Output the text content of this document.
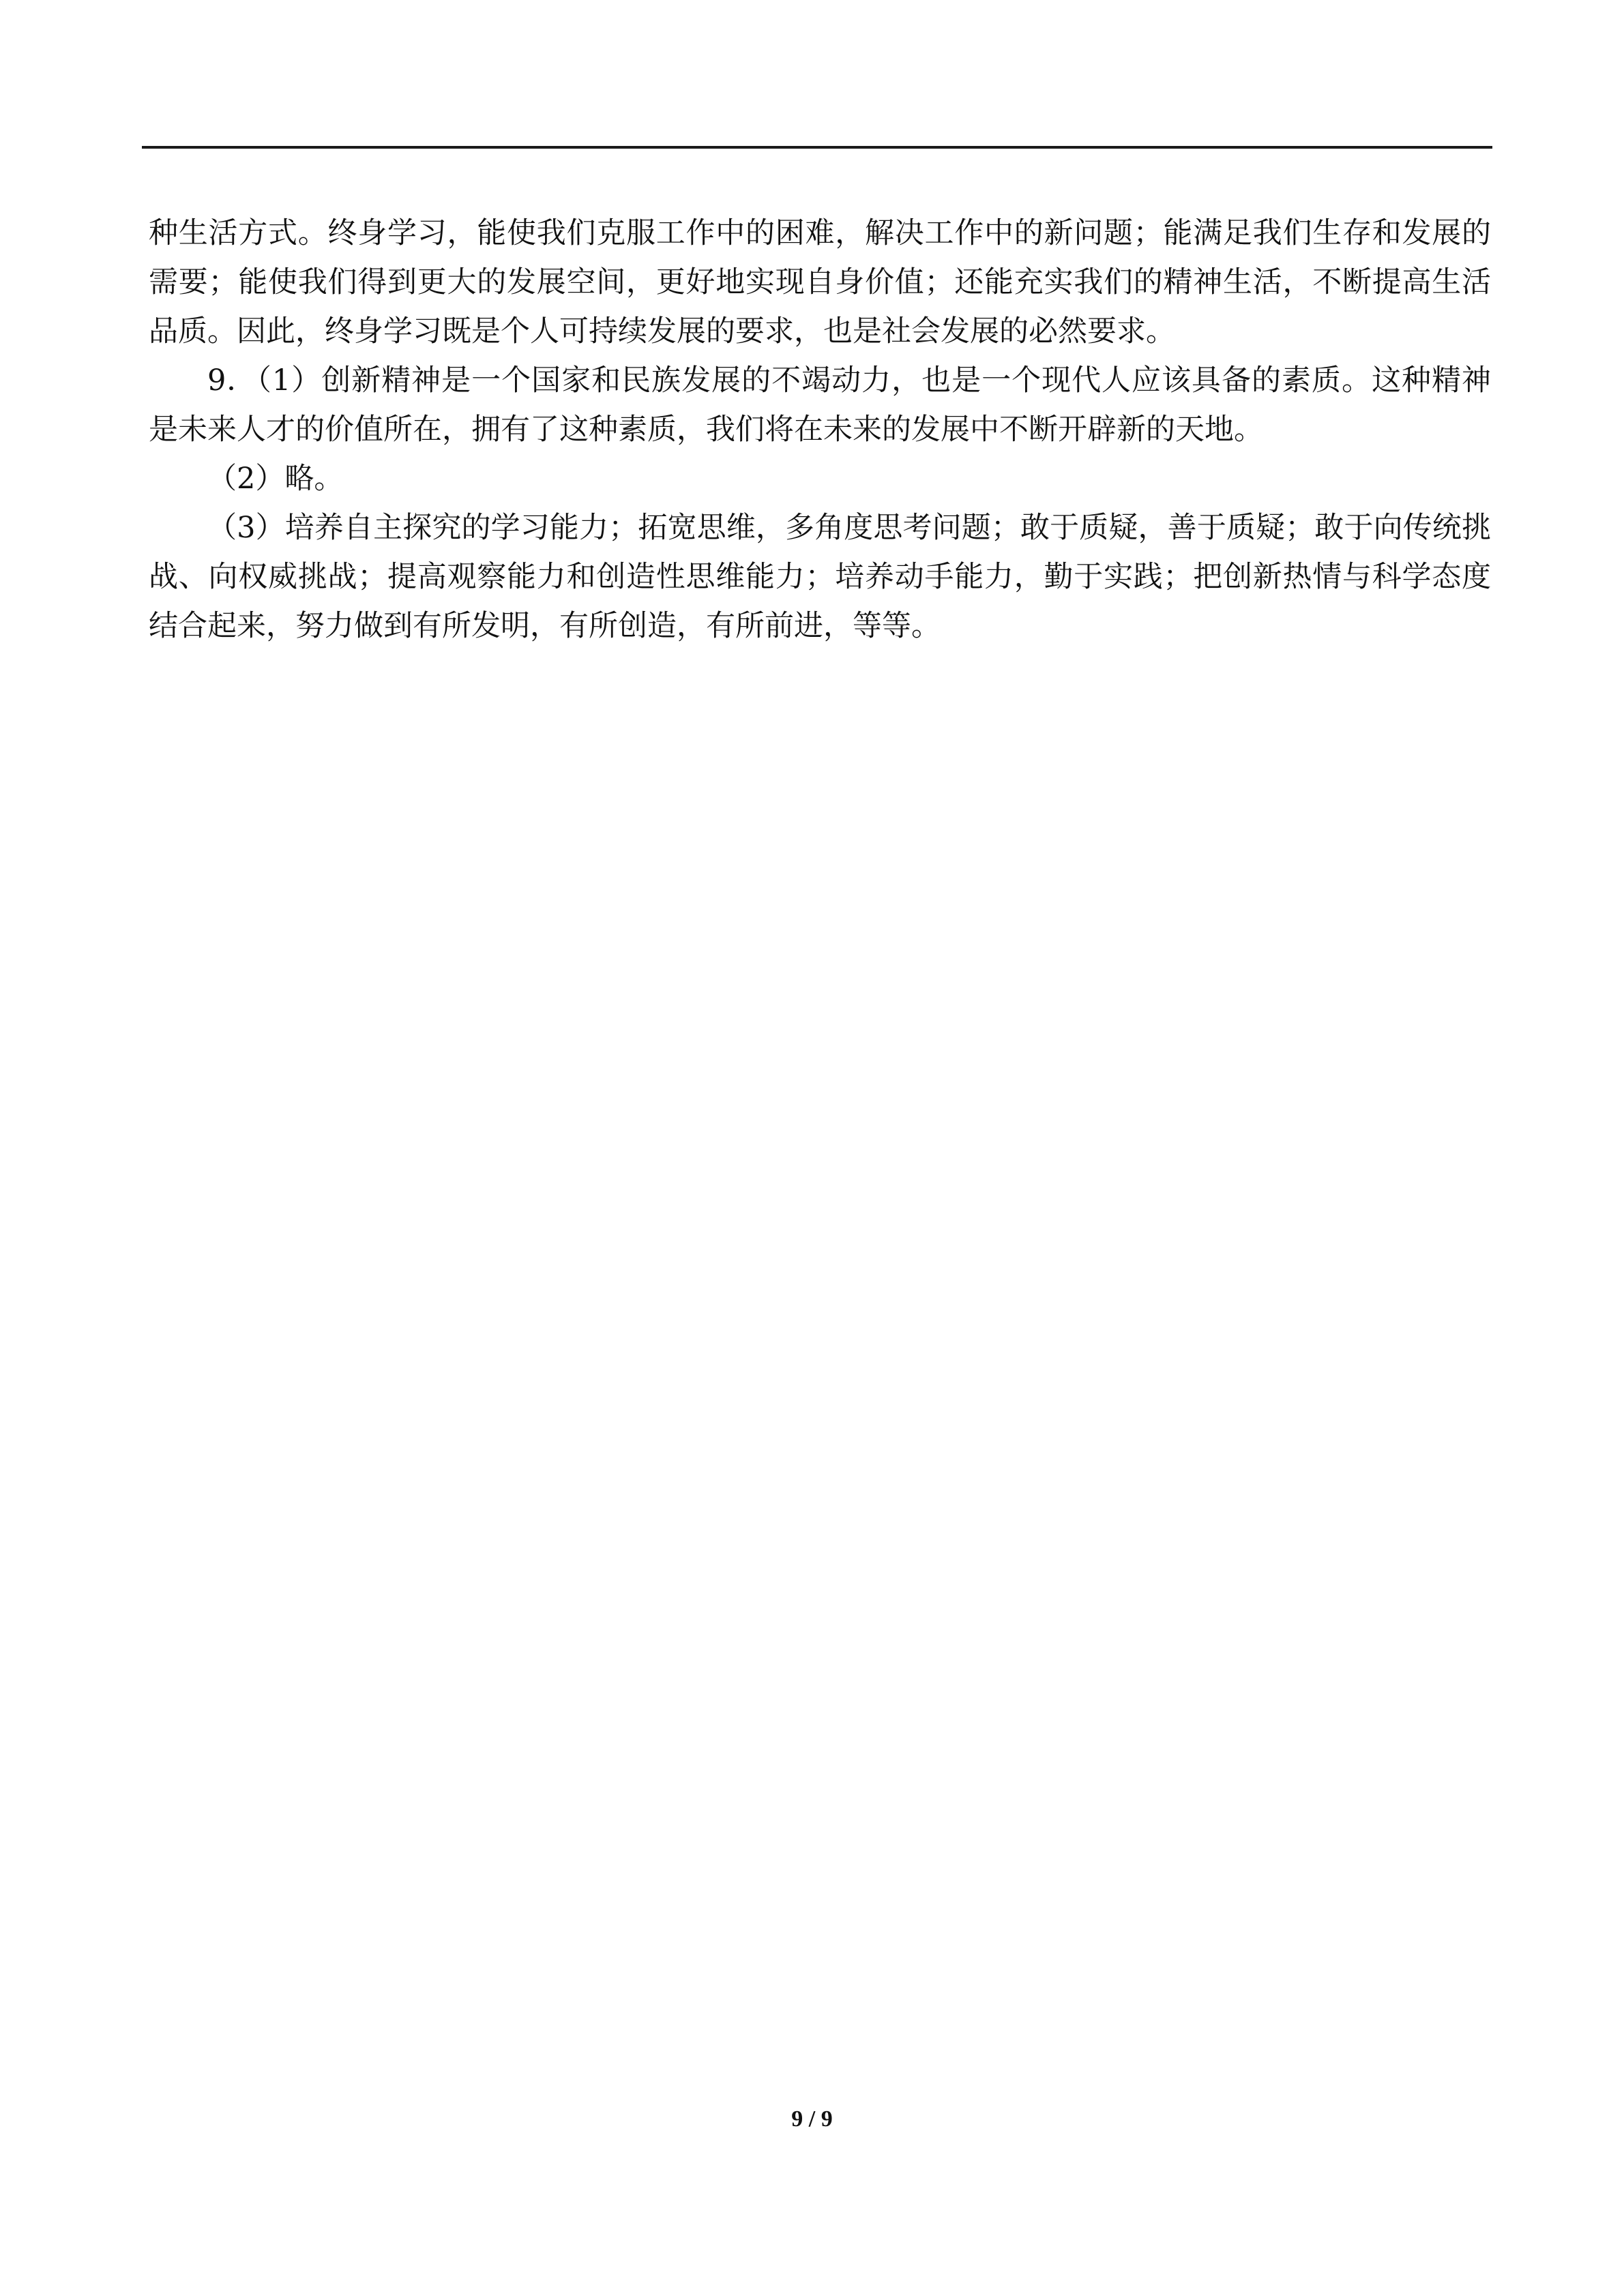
种生活方式。终身学习，能使我们克服工作中的困难，解决工作中的新问题；能满足我们生存和发展的需要；能使我们得到更大的发展空间，更好地实现自身价值；还能充实我们的精神生活，不断提高生活品质。因此，终身学习既是个人可持续发展的要求，也是社会发展的必然要求。

9．（1）创新精神是一个国家和民族发展的不竭动力，也是一个现代人应该具备的素质。这种精神是未来人才的价值所在，拥有了这种素质，我们将在未来的发展中不断开辟新的天地。

（2）略。

（3）培养自主探究的学习能力；拓宽思维，多角度思考问题；敢于质疑，善于质疑；敢于向传统挑战、向权威挑战；提高观察能力和创造性思维能力；培养动手能力，勤于实践；把创新热情与科学态度结合起来，努力做到有所发明，有所创造，有所前进，等等。

9 / 9
